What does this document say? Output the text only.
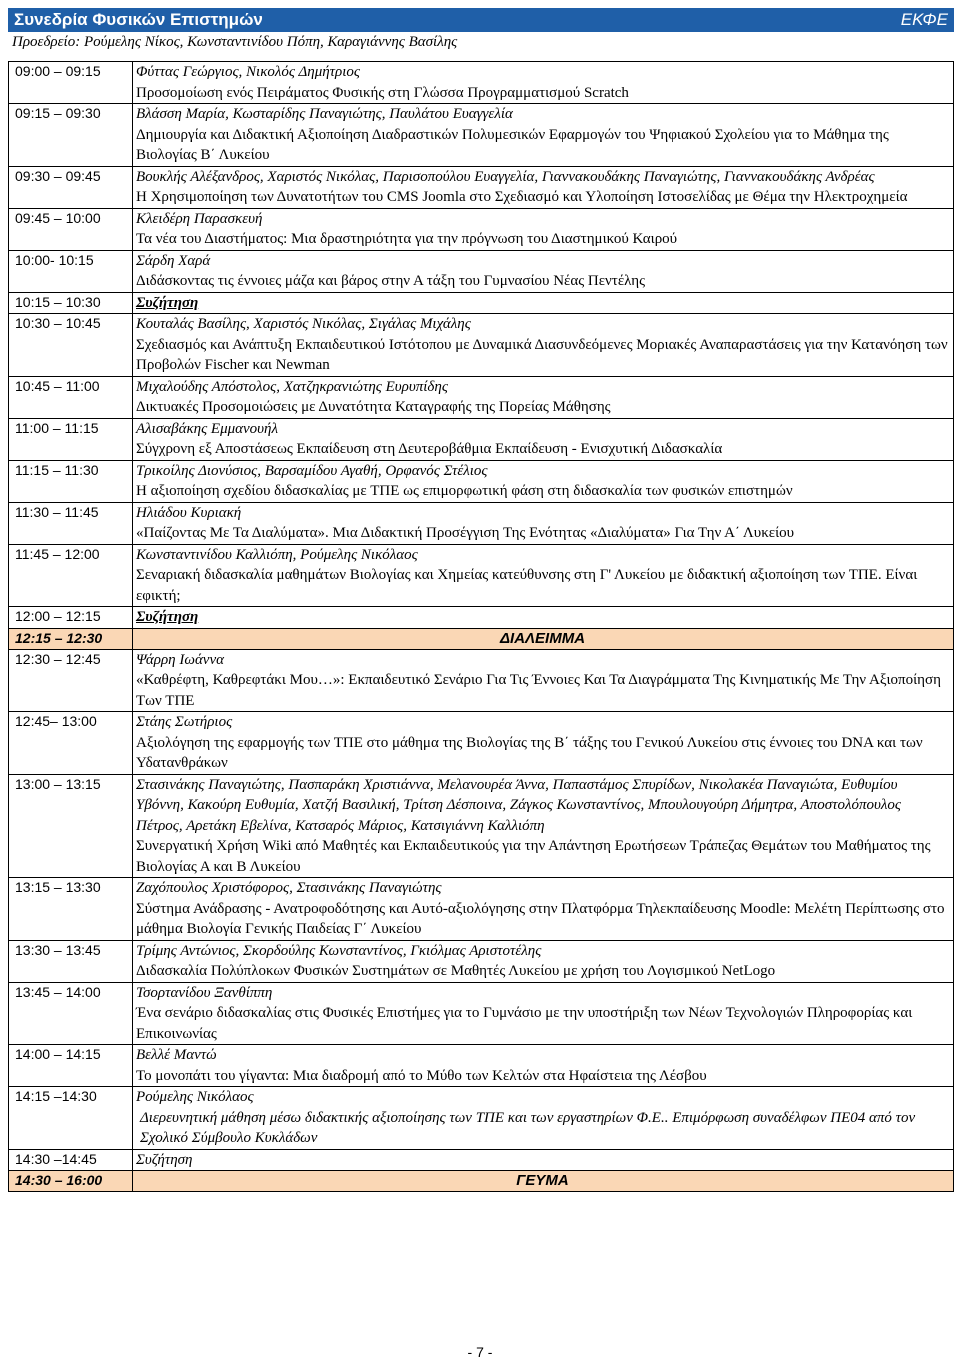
Συνεδρία Φυσικών Επιστημών	ΕΚΦΕ
Προεδρείο: Ρούμελης Νίκος, Κωνσταντινίδου Πόπη, Καραγιάννης Βασίλης
09:00 – 09:15	Φύττας Γεώργιος, Νικολός Δημήτριος
Προσομοίωση ενός Πειράματος Φυσικής στη Γλώσσα Προγραμματισμού Scratch

09:15 – 09:30	Βλάσση Μαρία, Κωσταρίδης Παναγιώτης, Παυλάτου Ευαγγελία
Δημιουργία και Διδακτική Αξιοποίηση Διαδραστικών Πολυμεσικών Εφαρμογών του Ψηφιακού Σχολείου για το Μάθημα της Βιολογίας Β΄ Λυκείου

09:30 – 09:45	Βουκλής Αλέξανδρος, Χαριστός Νικόλας, Παρισοπούλου Ευαγγελία, Γιαννακουδάκης Παναγιώτης, Γιαννακουδάκης Ανδρέας
Η Χρησιμοποίηση των Δυνατοτήτων του CMS Joomla στο Σχεδιασμό και Υλοποίηση Ιστοσελίδας με Θέμα την Ηλεκτροχημεία

09:45 – 10:00	Κλειδέρη Παρασκευή
Τα νέα του Διαστήματος: Μια δραστηριότητα για την πρόγνωση του Διαστημικού Καιρού

10:00- 10:15	Σάρδη Χαρά
Διδάσκοντας τις έννοιες μάζα και βάρος στην Α τάξη του Γυμνασίου Νέας Πεντέλης

10:15 – 10:30	Συζήτηση
10:30 – 10:45	Κουταλάς Βασίλης, Χαριστός Νικόλας, Σιγάλας Μιχάλης
Σχεδιασμός και Ανάπτυξη Εκπαιδευτικού Ιστότοπου με Δυναμικά Διασυνδεόμενες Μοριακές Αναπαραστάσεις για την Κατανόηση των Προβολών Fischer και Newman

10:45 – 11:00	Μιχαλούδης Απόστολος, Χατζηκρανιώτης Ευρυπίδης
Δικτυακές Προσομοιώσεις με Δυνατότητα Καταγραφής της Πορείας Μάθησης

11:00 – 11:15	Αλισαβάκης Εμμανουήλ
Σύγχρονη εξ Αποστάσεως Εκπαίδευση στη Δευτεροβάθμια Εκπαίδευση - Ενισχυτική Διδασκαλία

11:15 – 11:30	Τρικοίλης Διονύσιος, Βαρσαμίδου Αγαθή, Ορφανός Στέλιος
Η αξιοποίηση σχεδίου διδασκαλίας με ΤΠΕ ως επιμορφωτική φάση στη διδασκαλία των φυσικών επιστημών

11:30 – 11:45	Ηλιάδου Κυριακή
«Παίζοντας Με Τα Διαλύματα». Μια Διδακτική Προσέγγιση Της Ενότητας «Διαλύματα» Για Την Α΄ Λυκείου

11:45 – 12:00	Κωνσταντινίδου Καλλιόπη, Ρούμελης Νικόλαος
Σεναριακή διδασκαλία μαθημάτων Βιολογίας και Χημείας κατεύθυνσης στη Γ' Λυκείου με διδακτική αξιοποίηση των ΤΠΕ. Είναι εφικτή;

12:00 – 12:15	Συζήτηση
12:15 – 12:30	ΔΙΑΛΕΙΜΜΑ

12:30 – 12:45	Ψάρρη Ιωάννα
«Καθρέφτη, Καθρεφτάκι Μου…»: Εκπαιδευτικό Σενάριο Για Τις Έννοιες Και Τα Διαγράμματα Της Κινηματικής Με Την Αξιοποίηση Των ΤΠΕ

12:45– 13:00	Στάης Σωτήριος
Αξιολόγηση της εφαρμογής των ΤΠΕ στο μάθημα της Βιολογίας της Β΄ τάξης του Γενικού Λυκείου στις έννοιες του DNA και των Υδατανθράκων

13:00 – 13:15	Στασινάκης Παναγιώτης, Πασπαράκη Χριστιάννα, Μελανουρέα Άννα, Παπαστάμος Σπυρίδων, Νικολακέα Παναγιώτα, Ευθυμίου Υβόννη, Κακούρη Ευθυμία, Χατζή Βασιλική, Τρίτση Δέσποινα, Ζάγκος Κωνσταντίνος, Μπουλουγούρη Δήμητρα, Αποστολόπουλος Πέτρος, Αρετάκη Εβελίνα, Κατσαρός Μάριος, Κατσιγιάννη Καλλιόπη
Συνεργατική Χρήση Wiki από Μαθητές και Εκπαιδευτικούς για την Απάντηση Ερωτήσεων Τράπεζας Θεμάτων του Μαθήματος της Βιολογίας Α και Β Λυκείου

13:15 – 13:30	Ζαχόπουλος Χριστόφορος, Στασινάκης Παναγιώτης
Σύστημα Ανάδρασης - Ανατροφοδότησης και Αυτό-αξιολόγησης στην Πλατφόρμα Τηλεκπαίδευσης Moodle: Μελέτη Περίπτωσης στο μάθημα Βιολογία Γενικής Παιδείας Γ΄ Λυκείου

13:30 – 13:45	Τρίμης Αντώνιος, Σκορδούλης Κωνσταντίνος, Γκιόλμας Αριστοτέλης
Διδασκαλία Πολύπλοκων Φυσικών Συστημάτων σε Μαθητές Λυκείου με χρήση του Λογισμικού NetLogo

13:45 – 14:00	Τσορτανίδου Ξανθίππη
Ένα σενάριο διδασκαλίας στις Φυσικές Επιστήμες για το Γυμνάσιο με την υποστήριξη των Νέων Τεχνολογιών Πληροφορίας και Επικοινωνίας

14:00 – 14:15	Βελλέ Μαντώ
Το μονοπάτι του γίγαντα: Μια διαδρομή από το Μύθο των Κελτών στα Ηφαίστεια της Λέσβου

14:15 –14:30	Ρούμελης Νικόλαος
Διερευνητική μάθηση μέσω διδακτικής αξιοποίησης των ΤΠΕ και των εργαστηρίων Φ.Ε.. Επιμόρφωση συναδέλφων ΠΕ04 από τον Σχολικό Σύμβουλο Κυκλάδων

14:30 –14:45	Συζήτηση
14:30 – 16:00	ΓΕΥΜΑ
- 7 -
